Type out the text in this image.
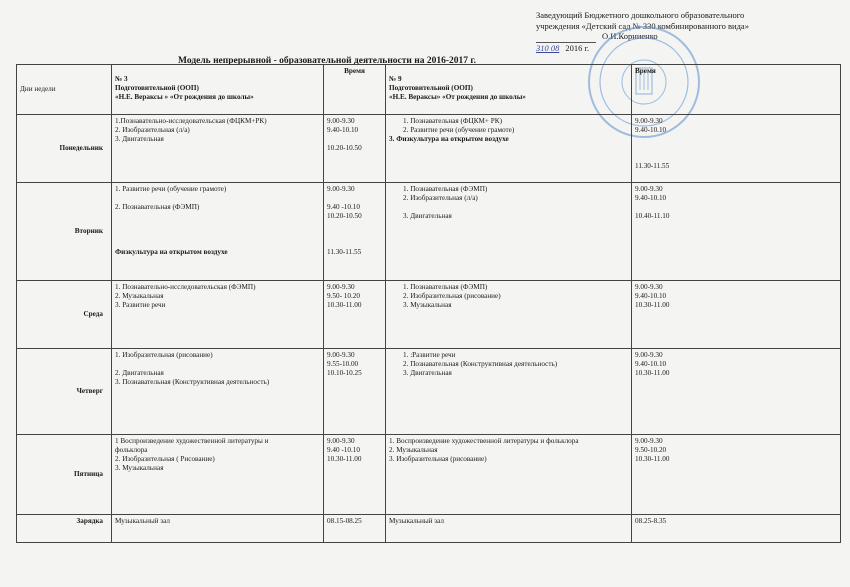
Заведующий Бюджетного дошкольного образовательного
учреждения «Детский сад № 330 комбинированного вида»

О.И.Корниенко
310 08 2016 г.
Модель непрерывной - образовательной деятельности на 2016-2017 г.
Дни недели	№ 3
Подготовительной (ООП)
«Н.Е. Вераксы » «От рождения до школы»	Время	№ 9
Подготовительной (ООП)
«Н.Е. Вераксы» «От рождения до школы»	Время
Понедельник	1.Познавательно-исследовательская (ФЦКМ+РК)
2. Изобразительная (л/а)
3. Двигательная	9.00-9.30
9.40-10.10
10.20-10.50	1. Познавательная (ФЦКМ+ РК)
2. Развитие речи (обучение грамоте)
3. Физкультура на открытом воздухе	9.00-9.30
9.40-10.10
11.30-11.55

Вторник	1. Развитие речи (обучение грамоте)
2. Познавательная (ФЭМП)
Физкультура на открытом воздухе	9.00-9.30
9.40 -10.10
10.20-10.50
11.30-11.55	1. Познавательная (ФЭМП)
2. Изобразительная (л/а)
3. Двигательная	9.00-9.30
9.40-10.10
10.40-11.10

Среда	1. Познавательно-исследовательская (ФЭМП)
2. Музыкальная
3. Развитие речи	9.00-9.30
9.50- 10.20
10.30-11.00	1. Познавательная (ФЭМП)
2. Изобразительная (рисование)
3. Музыкальная	9.00-9.30
9.40-10.10
10.30-11.00

Четверг	1. Изобразительная (рисование)
2. Двигательная
3. Познавательная (Конструктивная деятельность)	9.00-9.30
9.55-10.00
10.10-10.25	1. :Развитие речи
2. Познавательная (Конструктивная деятельность)
3. Двигательная	9.00-9.30
9.40-10.10
10.30-11.00

Пятница	1 Воспроизведение художественной литературы и
фольклора
2. Изобразительная ( Рисование)
3. Музыкальная	9.00-9.30
9.40 -10.10
10.30-11.00	1. Воспроизведение художественной литературы и фольклора
2. Музыкальная
3. Изобразительная (рисование)	9.00-9.30
9.50-10.20
10.30-11.00

Зарядка	Музыкальный зал	08.15-08.25	Музыкальный зал	08.25-8.35
